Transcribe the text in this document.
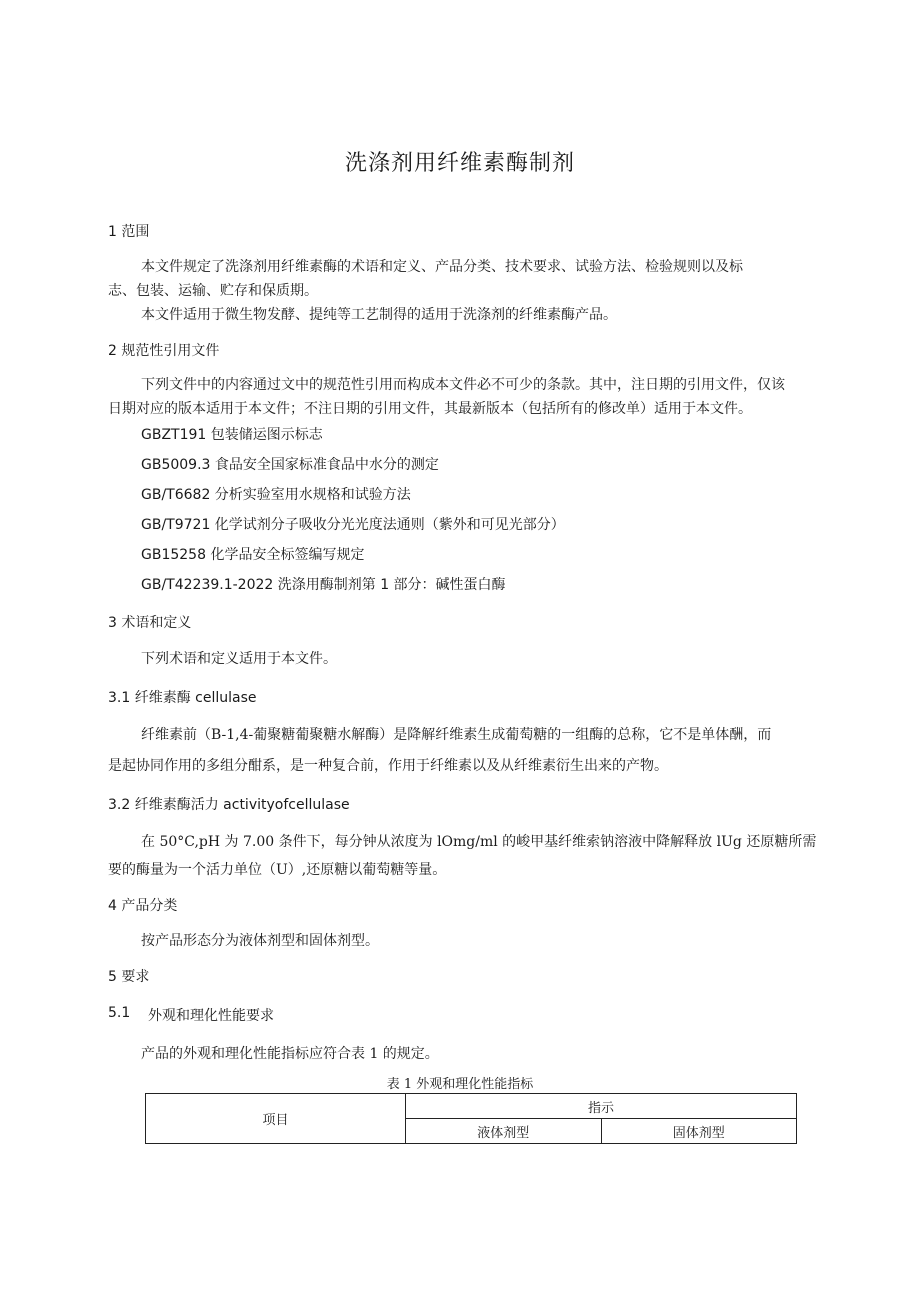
洗涤剂用纤维素酶制剂
1 范围
本文件规定了洗涤剂用纤维素酶的术语和定义、产品分类、技术要求、试验方法、检验规则以及标
志、包装、运输、贮存和保质期。
本文件适用于微生物发酵、提纯等工艺制得的适用于洗涤剂的纤维素酶产品。
2 规范性引用文件
下列文件中的内容通过文中的规范性引用而构成本文件必不可少的条款。其中，注日期的引用文件，仅该
日期对应的版本适用于本文件；不注日期的引用文件，其最新版本（包括所有的修改单）适用于本文件。
GBZT191 包装储运图示标志
GB5009.3 食品安全国家标准食品中水分的测定
GB/T6682 分析实验室用水规格和试验方法
GB/T9721 化学试剂分子吸收分光光度法通则（紫外和可见光部分）
GB15258 化学品安全标签编写规定
GB/T42239.1-2022 洗涤用酶制剂第 1 部分：碱性蛋白酶
3 术语和定义
下列术语和定义适用于本文件。
3.1 纤维素酶 cellulase
纤维素前（B-1,4-葡聚糖葡聚糖水解酶）是降解纤维素生成葡萄糖的一组酶的总称，它不是单体酬，而
是起协同作用的多组分酣系，是一种复合前，作用于纤维素以及从纤维素衍生出来的产物。
3.2 纤维素酶活力 activityofcellulase
在 50°C,pH 为 7.00 条件下，每分钟从浓度为 lOmg/ml 的峻甲基纤维索钠溶液中降解释放 lUg 还原糖所需
要的酶量为一个活力单位（U）,还原糖以葡萄糖等量。
4 产品分类
按产品形态分为液体剂型和固体剂型。
5 要求
5.1 外观和理化性能要求
产品的外观和理化性能指标应符合表 1 的规定。
表 1 外观和理化性能指标
项目	指示	
	液体剂型	固体剂型
